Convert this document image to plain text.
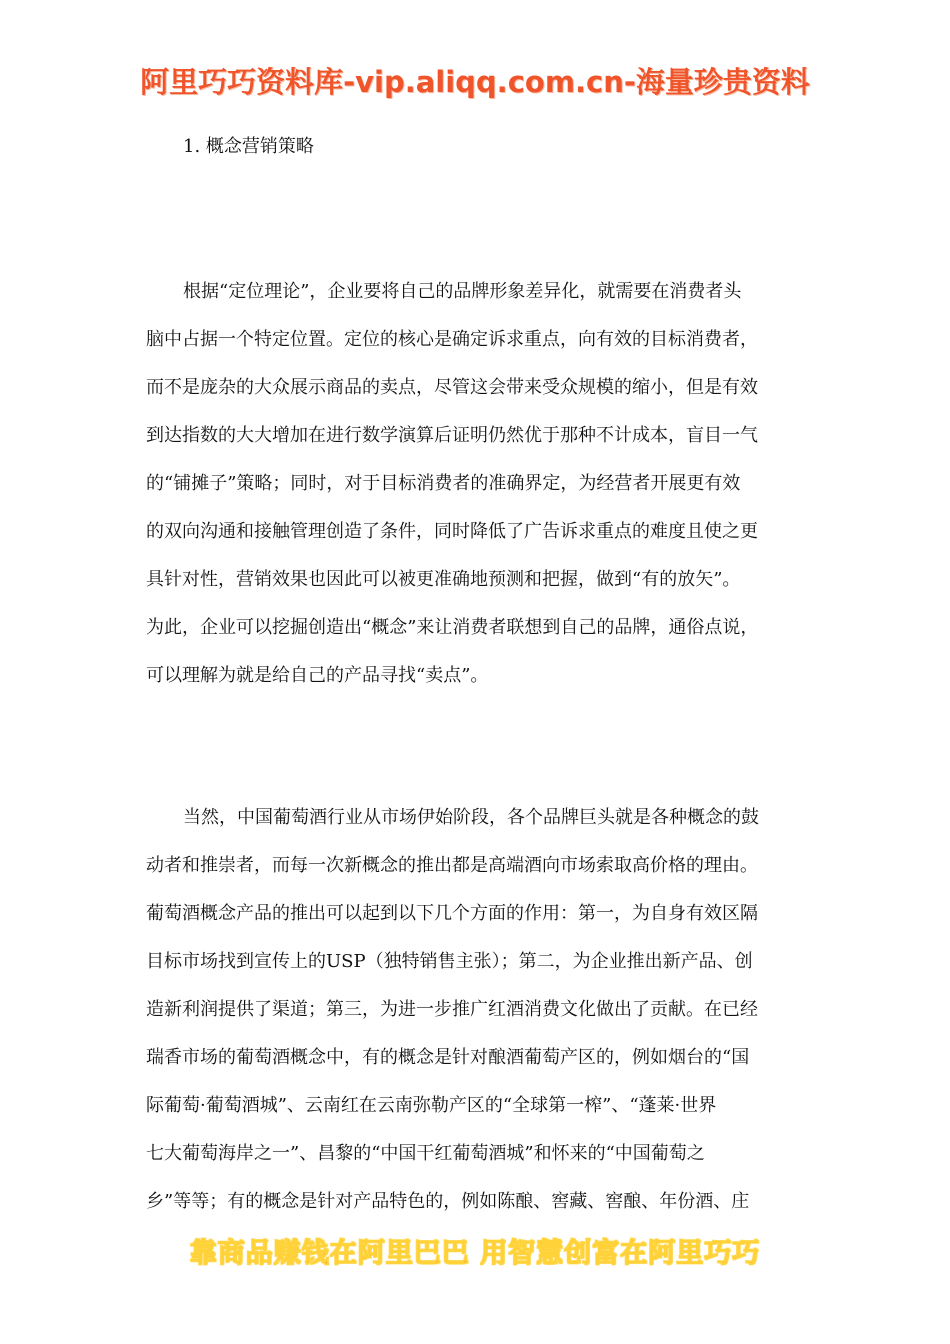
阿里巧巧资料库-vip.aliqq.com.cn-海量珍贵资料
1. 概念营销策略
根据“定位理论”，企业要将自己的品牌形象差异化，就需要在消费者头
脑中占据一个特定位置。定位的核心是确定诉求重点，向有效的目标消费者，
而不是庞杂的大众展示商品的卖点，尽管这会带来受众规模的缩小，但是有效
到达指数的大大增加在进行数学演算后证明仍然优于那种不计成本，盲目一气
的“铺摊子”策略；同时，对于目标消费者的准确界定，为经营者开展更有效
的双向沟通和接触管理创造了条件，同时降低了广告诉求重点的难度且使之更
具针对性，营销效果也因此可以被更准确地预测和把握，做到“有的放矢”。
为此，企业可以挖掘创造出“概念”来让消费者联想到自己的品牌，通俗点说，
可以理解为就是给自己的产品寻找“卖点”。
当然，中国葡萄酒行业从市场伊始阶段，各个品牌巨头就是各种概念的鼓
动者和推崇者，而每一次新概念的推出都是高端酒向市场索取高价格的理由。
葡萄酒概念产品的推出可以起到以下几个方面的作用：第一，为自身有效区隔
目标市场找到宣传上的USP（独特销售主张）；第二，为企业推出新产品、创
造新利润提供了渠道；第三，为进一步推广红酒消费文化做出了贡献。在已经
瑞香市场的葡萄酒概念中，有的概念是针对酿酒葡萄产区的，例如烟台的“国
际葡萄·葡萄酒城”、云南红在云南弥勒产区的“全球第一榨”、“蓬莱·世界
七大葡萄海岸之一”、昌黎的“中国干红葡萄酒城”和怀来的“中国葡萄之
乡”等等；有的概念是针对产品特色的，例如陈酿、窖藏、窖酿、年份酒、庄
靠商品赚钱在阿里巴巴 用智慧创富在阿里巧巧
